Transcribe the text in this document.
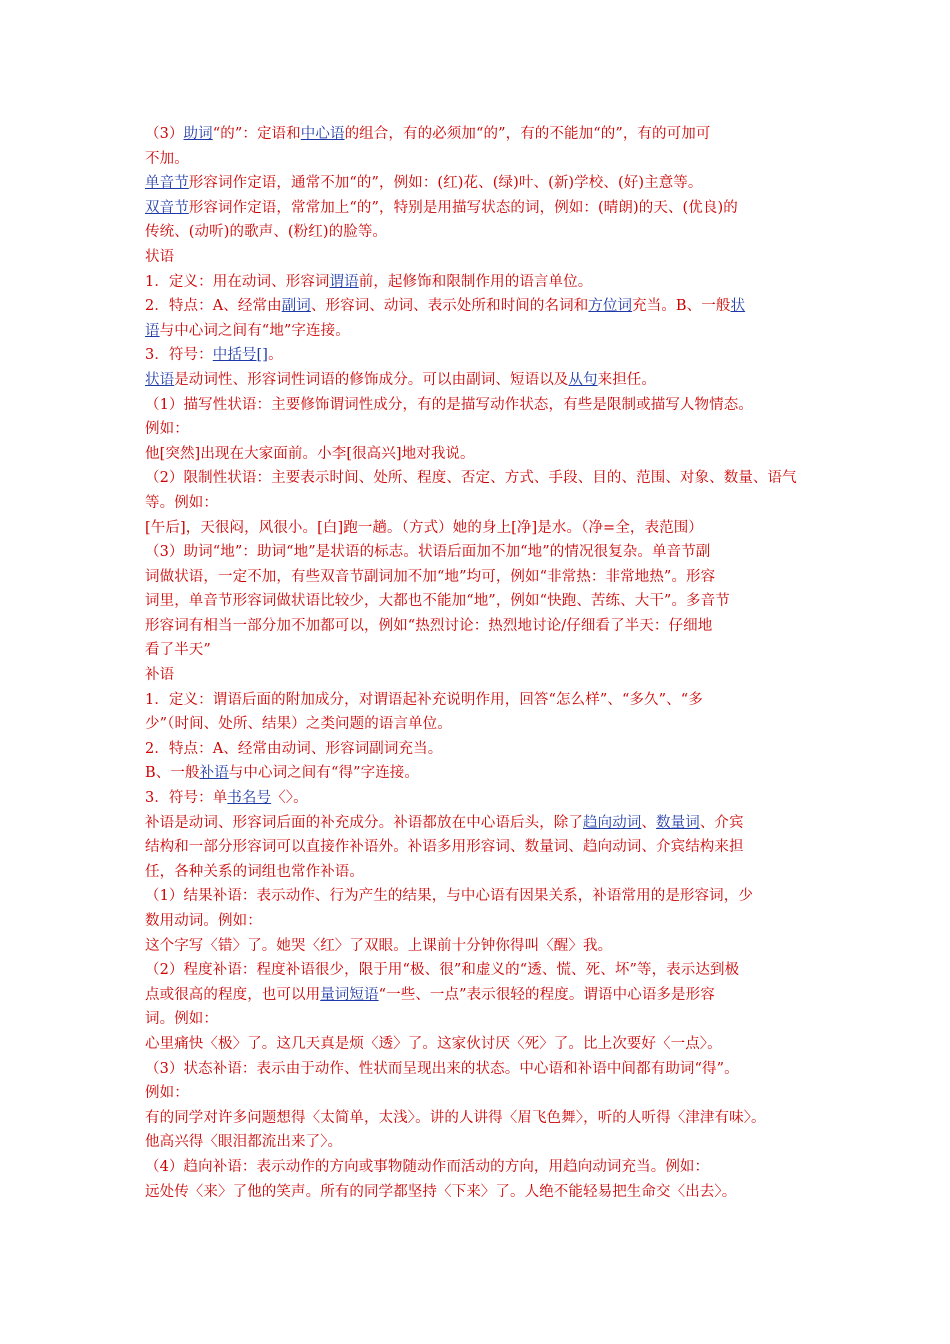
（3）助词“的”：定语和中心语的组合，有的必须加“的”，有的不能加“的”，有的可加可
不加。
单音节形容词作定语，通常不加“的”，例如：(红)花、(绿)叶、(新)学校、(好)主意等。
双音节形容词作定语，常常加上“的”，特别是用描写状态的词，例如：(晴朗)的天、(优良)的
传统、(动听)的歌声、(粉红)的脸等。
状语
1．定义：用在动词、形容词谓语前，起修饰和限制作用的语言单位。
2．特点：A、经常由副词、形容词、动词、表示处所和时间的名词和方位词充当。B、一般状
语与中心词之间有“地”字连接。
3．符号：中括号[]。
状语是动词性、形容词性词语的修饰成分。可以由副词、短语以及从句来担任。
（1）描写性状语：主要修饰谓词性成分，有的是描写动作状态，有些是限制或描写人物情态。
例如：
他[突然]出现在大家面前。小李[很高兴]地对我说。
（2）限制性状语：主要表示时间、处所、程度、否定、方式、手段、目的、范围、对象、数量、语气
等。例如：
[午后]，天很闷，风很小。[白]跑一趟。（方式）她的身上[净]是水。（净=全，表范围）
（3）助词“地”：助词“地”是状语的标志。状语后面加不加“地”的情况很复杂。单音节副
词做状语，一定不加，有些双音节副词加不加“地”均可，例如“非常热：非常地热”。形容
词里，单音节形容词做状语比较少，大都也不能加“地”，例如“快跑、苦练、大干”。多音节
形容词有相当一部分加不加都可以，例如“热烈讨论：热烈地讨论/仔细看了半天：仔细地
看了半天”
补语
1．定义：谓语后面的附加成分，对谓语起补充说明作用，回答“怎么样”、“多久”、“多
少”（时间、处所、结果）之类问题的语言单位。
2．特点：A、经常由动词、形容词副词充当。
B、一般补语与中心词之间有“得”字连接。
3．符号：单书名号〈〉。
补语是动词、形容词后面的补充成分。补语都放在中心语后头，除了趋向动词、数量词、介宾
结构和一部分形容词可以直接作补语外。补语多用形容词、数量词、趋向动词、介宾结构来担
任，各种关系的词组也常作补语。
（1）结果补语：表示动作、行为产生的结果，与中心语有因果关系，补语常用的是形容词，少
数用动词。例如：
这个字写〈错〉了。她哭〈红〉了双眼。上课前十分钟你得叫〈醒〉我。
（2）程度补语：程度补语很少，限于用“极、很”和虚义的“透、慌、死、坏”等，表示达到极
点或很高的程度，也可以用量词短语“一些、一点”表示很轻的程度。谓语中心语多是形容
词。例如：
心里痛快〈极〉了。这几天真是烦〈透〉了。这家伙讨厌〈死〉了。比上次要好〈一点〉。
（3）状态补语：表示由于动作、性状而呈现出来的状态。中心语和补语中间都有助词“得”。
例如：
有的同学对许多问题想得〈太简单，太浅〉。讲的人讲得〈眉飞色舞〉，听的人听得〈津津有味〉。
他高兴得〈眼泪都流出来了〉。
（4）趋向补语：表示动作的方向或事物随动作而活动的方向，用趋向动词充当。例如：
远处传〈来〉了他的笑声。所有的同学都坚持〈下来〉了。人绝不能轻易把生命交〈出去〉。
